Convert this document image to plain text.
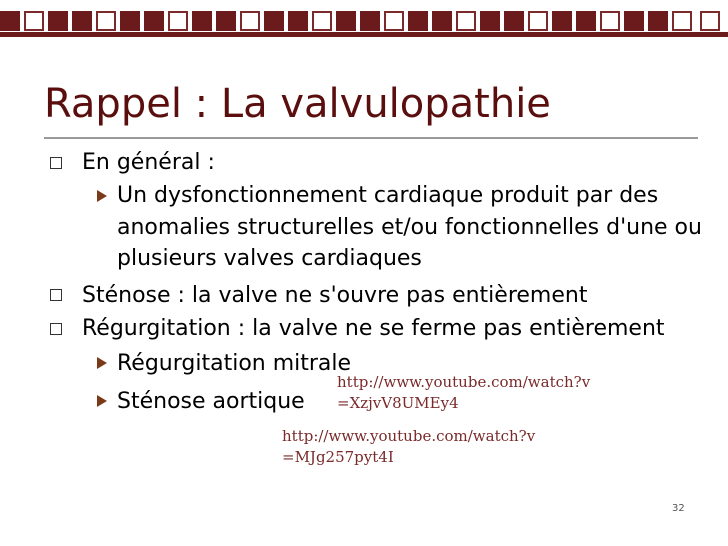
Rappel : La valvulopathie
En général :
Un dysfonctionnement cardiaque produit par des
anomalies structurelles et/ou fonctionnelles d'une ou
plusieurs valves cardiaques
Sténose : la valve ne s'ouvre pas entièrement
Régurgitation : la valve ne se ferme pas entièrement
Régurgitation mitrale
Sténose aortique
http://www.youtube.com/watch?v
=XzjvV8UMEy4
http://www.youtube.com/watch?v
=MJg257pyt4I
32
